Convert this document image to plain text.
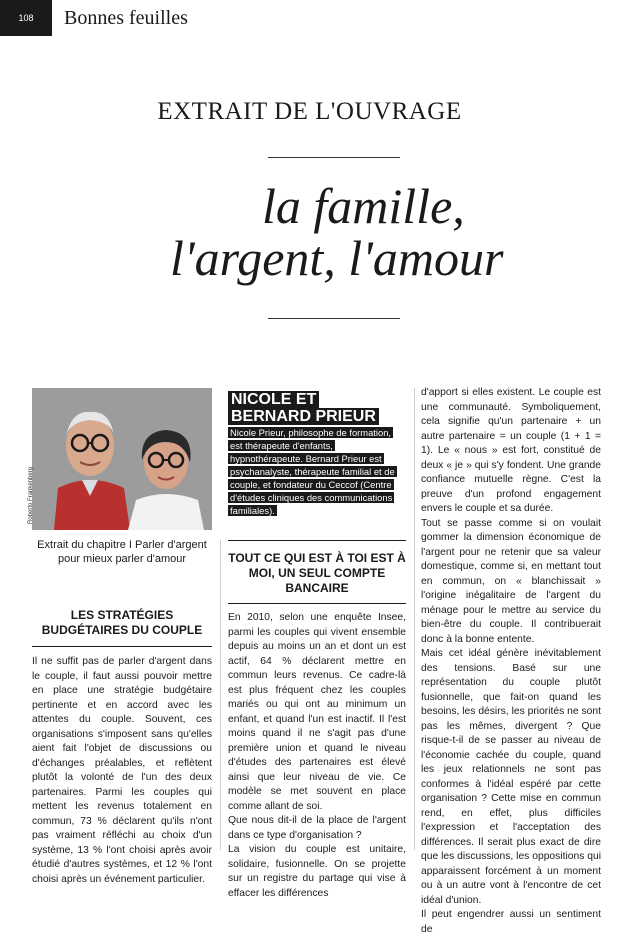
108	Bonnes feuilles
EXTRAIT DE L'OUVRAGE
la famille,
l'argent, l'amour
Roberto Frankenberg
Extrait du chapitre I Parler d'argent pour mieux parler d'amour
NICOLE ET
BERNARD PRIEUR
Nicole Prieur, philosophe de formation, est thérapeute d'enfants, hypnothérapeute. Bernard Prieur est psychanalyste, thérapeute familial et de couple, et fondateur du Ceccof (Centre d'études cliniques des communications familiales).
LES STRATÉGIES BUDGÉTAIRES DU COUPLE

Il ne suffit pas de parler d'argent dans le couple, il faut aussi pouvoir mettre en place une stratégie budgétaire pertinente et en accord avec les attentes du couple. Souvent, ces organisations s'imposent sans qu'elles aient fait l'objet de discussions ou d'échanges préalables, et reflètent plutôt la volonté de l'un des deux partenaires. Parmi les couples qui mettent les revenus totalement en commun, 73 % déclarent qu'ils n'ont pas vraiment réfléchi au choix d'un système, 13 % l'ont choisi après avoir étudié d'autres systèmes, et 12 % l'ont choisi après un événement particulier.

TOUT CE QUI EST À TOI EST À MOI, UN SEUL COMPTE BANCAIRE

En 2010, selon une enquête Insee, parmi les couples qui vivent ensemble depuis au moins un an et dont un est actif, 64 % déclarent mettre en commun leurs revenus. Ce cadre-là est plus fréquent chez les couples mariés ou qui ont au minimum un enfant, et quand l'un est inactif. Il l'est moins quand il ne s'agit pas d'une première union et quand le niveau d'études des partenaires est élevé ainsi que leur niveau de vie. Ce modèle se met souvent en place comme allant de soi.

Que nous dit-il de la place de l'argent dans ce type d'organisation ?

La vision du couple est unitaire, solidaire, fusionnelle. On se projette sur un registre du partage qui vise à effacer les différences

d'apport si elles existent. Le couple est une communauté. Symboliquement, cela signifie qu'un partenaire + un autre partenaire = un couple (1 + 1 = 1). Le « nous » est fort, constitué de deux « je » qui s'y fondent. Une grande confiance mutuelle règne. C'est la preuve d'un profond engagement envers le couple et sa durée.

Tout se passe comme si on voulait gommer la dimension économique de l'argent pour ne retenir que sa valeur domestique, comme si, en mettant tout en commun, on « blanchissait » l'origine inégalitaire de l'argent du ménage pour le mettre au service du bien-être du couple. Il contribuerait donc à la bonne entente.

Mais cet idéal génère inévitablement des tensions. Basé sur une représentation du couple plutôt fusionnelle, que fait-on quand les besoins, les désirs, les priorités ne sont pas les mêmes, divergent ? Que risque-t-il de se passer au niveau de l'économie cachée du couple, quand les jeux relationnels ne sont pas conformes à l'idéal espéré par cette organisation ? Cette mise en commun rend, en effet, plus difficiles l'expression et l'acceptation des différences. Il serait plus exact de dire que les discussions, les oppositions qui apparaissent forcément à un moment ou à un autre vont à l'encontre de cet idéal d'union.

Il peut engendrer aussi un sentiment de
